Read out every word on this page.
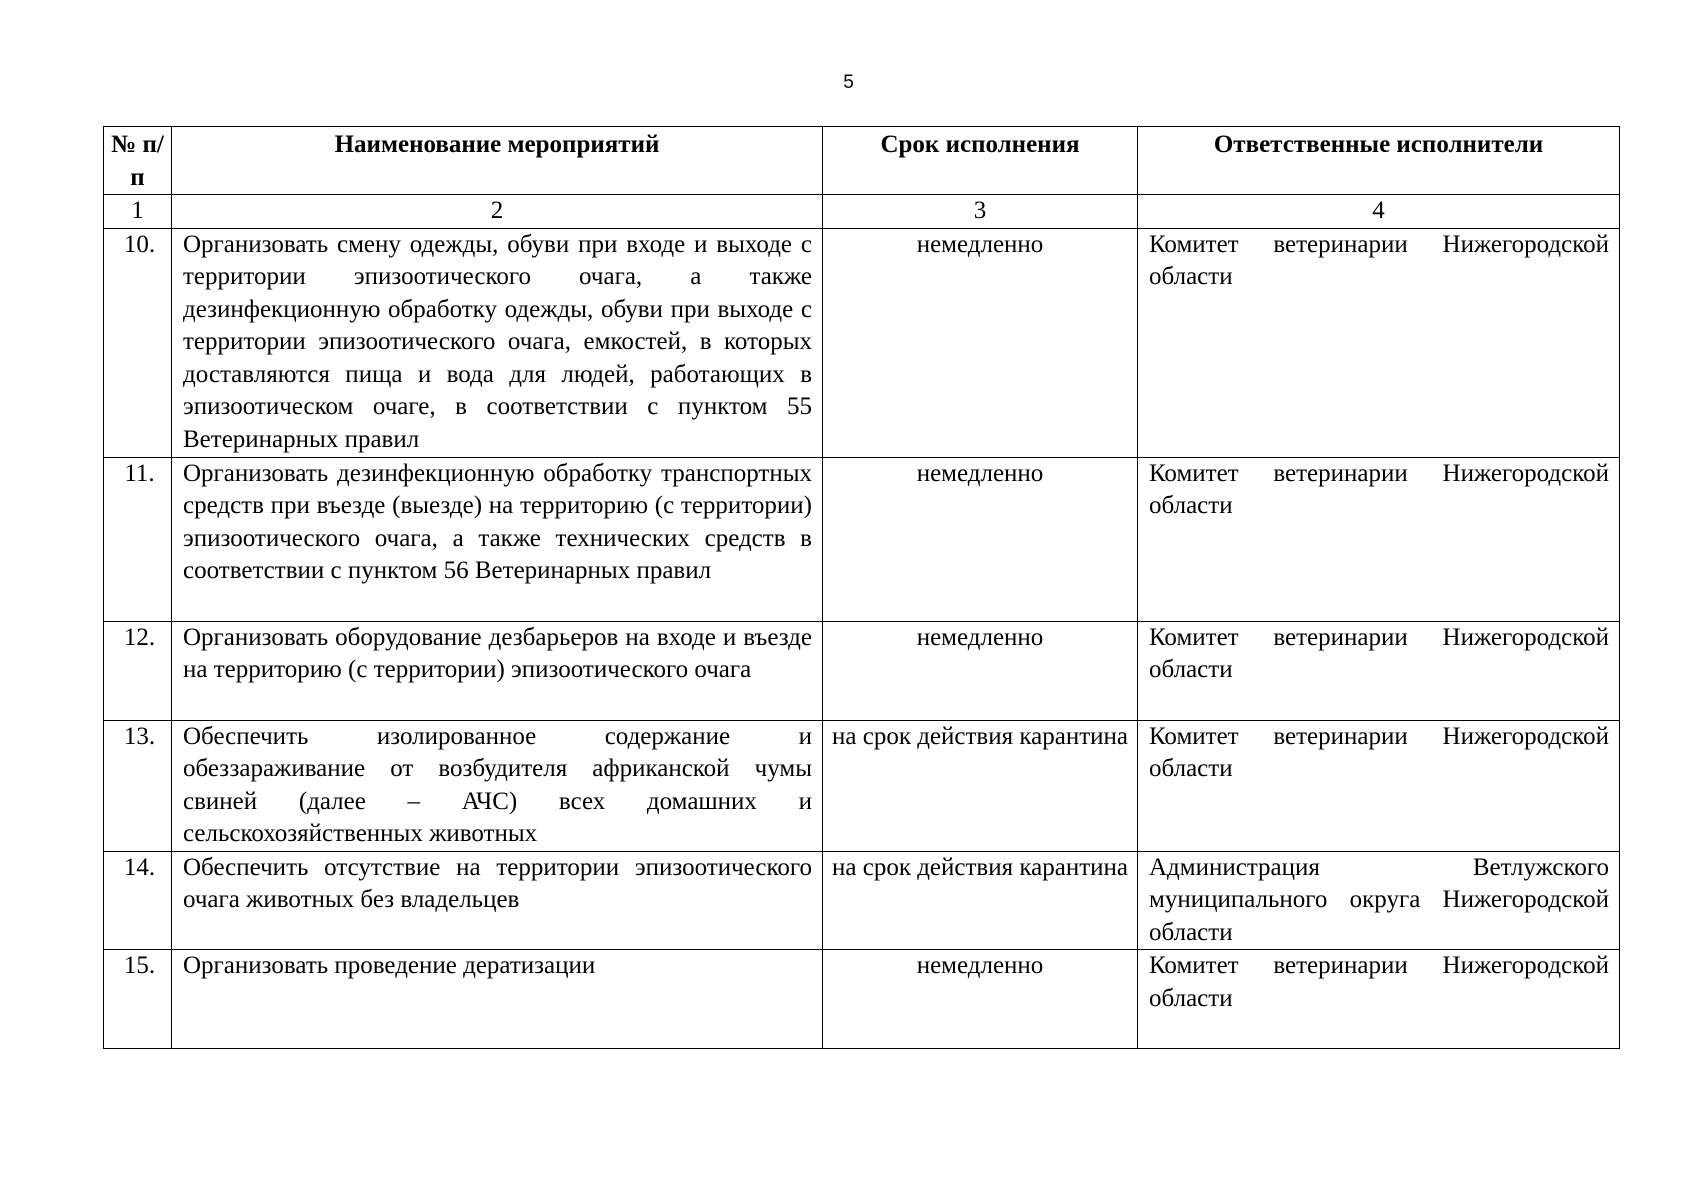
5
№ п/п	Наименование мероприятий	Срок исполнения	Ответственные исполнители
1	2	3	4
10.	Организовать смену одежды, обуви при входе и выходе с территории эпизоотического очага, а также дезинфекционную обработку одежды, обуви при выходе с территории эпизоотического очага, емкостей, в которых доставляются пища и вода для людей, работающих в эпизоотическом очаге, в соответствии с пунктом 55 Ветеринарных правил	немедленно	Комитет ветеринарии Нижегородской области
11.	Организовать дезинфекционную обработку транспортных средств при въезде (выезде) на территорию (с территории) эпизоотического очага, а также технических средств в соответствии с пунктом 56 Ветеринарных правил	немедленно	Комитет ветеринарии Нижегородской области
12.	Организовать оборудование дезбарьеров на входе и въезде на территорию (с территории) эпизоотического очага	немедленно	Комитет ветеринарии Нижегородской области
13.	Обеспечить изолированное содержание и обеззараживание от возбудителя африканской чумы свиней (далее – АЧС) всех домашних и сельскохозяйственных животных	на срок действия карантина	Комитет ветеринарии Нижегородской области
14.	Обеспечить отсутствие на территории эпизоотического очага животных без владельцев	на срок действия карантина	Администрация Ветлужского муниципального округа Нижегородской области
15.	Организовать проведение дератизации	немедленно	Комитет ветеринарии Нижегородской области
